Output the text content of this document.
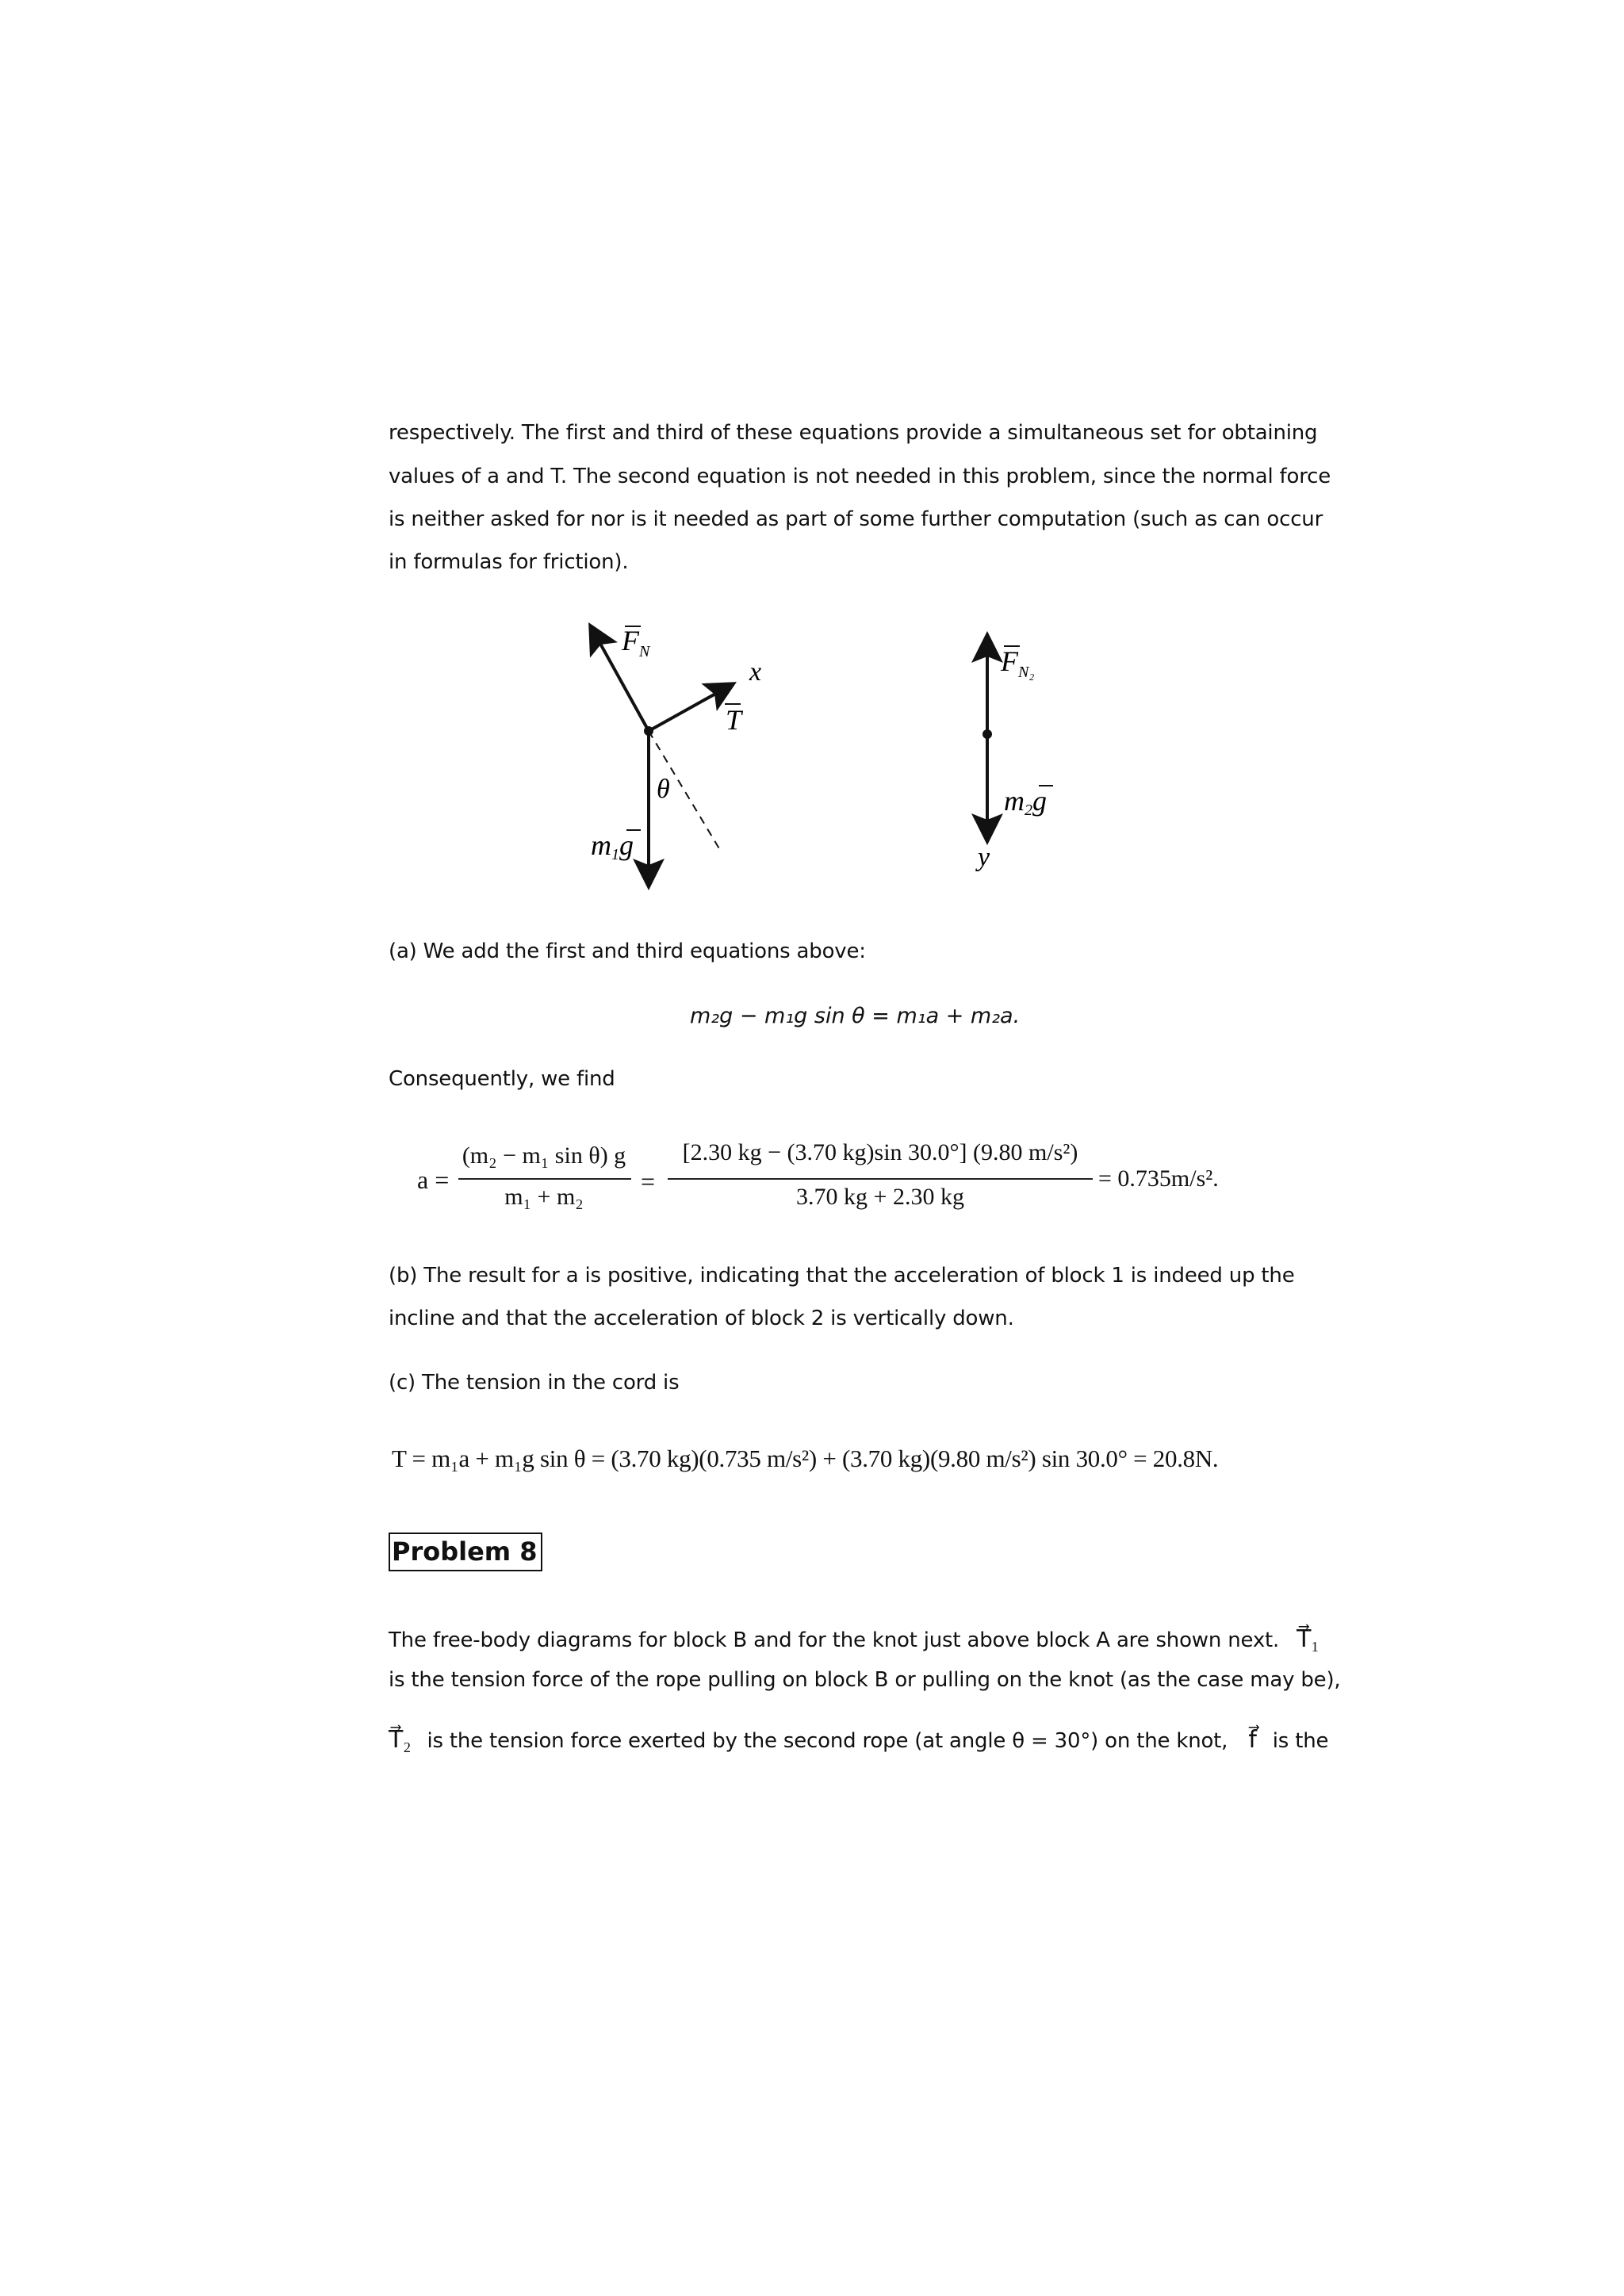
respectively. The first and third of these equations provide a simultaneous set for obtaining
values of a and T. The second equation is not needed in this problem, since the normal force
is neither asked for nor is it needed as part of some further computation (such as can occur
in formulas for friction).
$F_N$
T
x
θ
m1g
$F_{N_2}$
m2g
y
(a) We add the first and third equations above:
m₂g − m₁g sin θ = m₁a + m₂a.
Consequently, we find
a =
(m₂ − m₁ sin θ) g
m₁ + m₂
=
[2.30 kg − (3.70 kg)sin 30.0°] (9.80 m/s²)
3.70 kg + 2.30 kg
= 0.735m/s².
(b) The result for a is positive, indicating that the acceleration of block 1 is indeed up the
incline and that the acceleration of block 2 is vertically down.
(c) The tension in the cord is
T = m₁a + m₁g sin θ = (3.70 kg)(0.735 m/s²) + (3.70 kg)(9.80 m/s²) sin 30.0° = 20.8N.
Problem 8
The free-body diagrams for block B and for the knot just above block A are shown next. T⃗₁
is the tension force of the rope pulling on block B or pulling on the knot (as the case may be),
T⃗₂ is the tension force exerted by the second rope (at angle θ = 30°) on the knot, f⃗ is the
